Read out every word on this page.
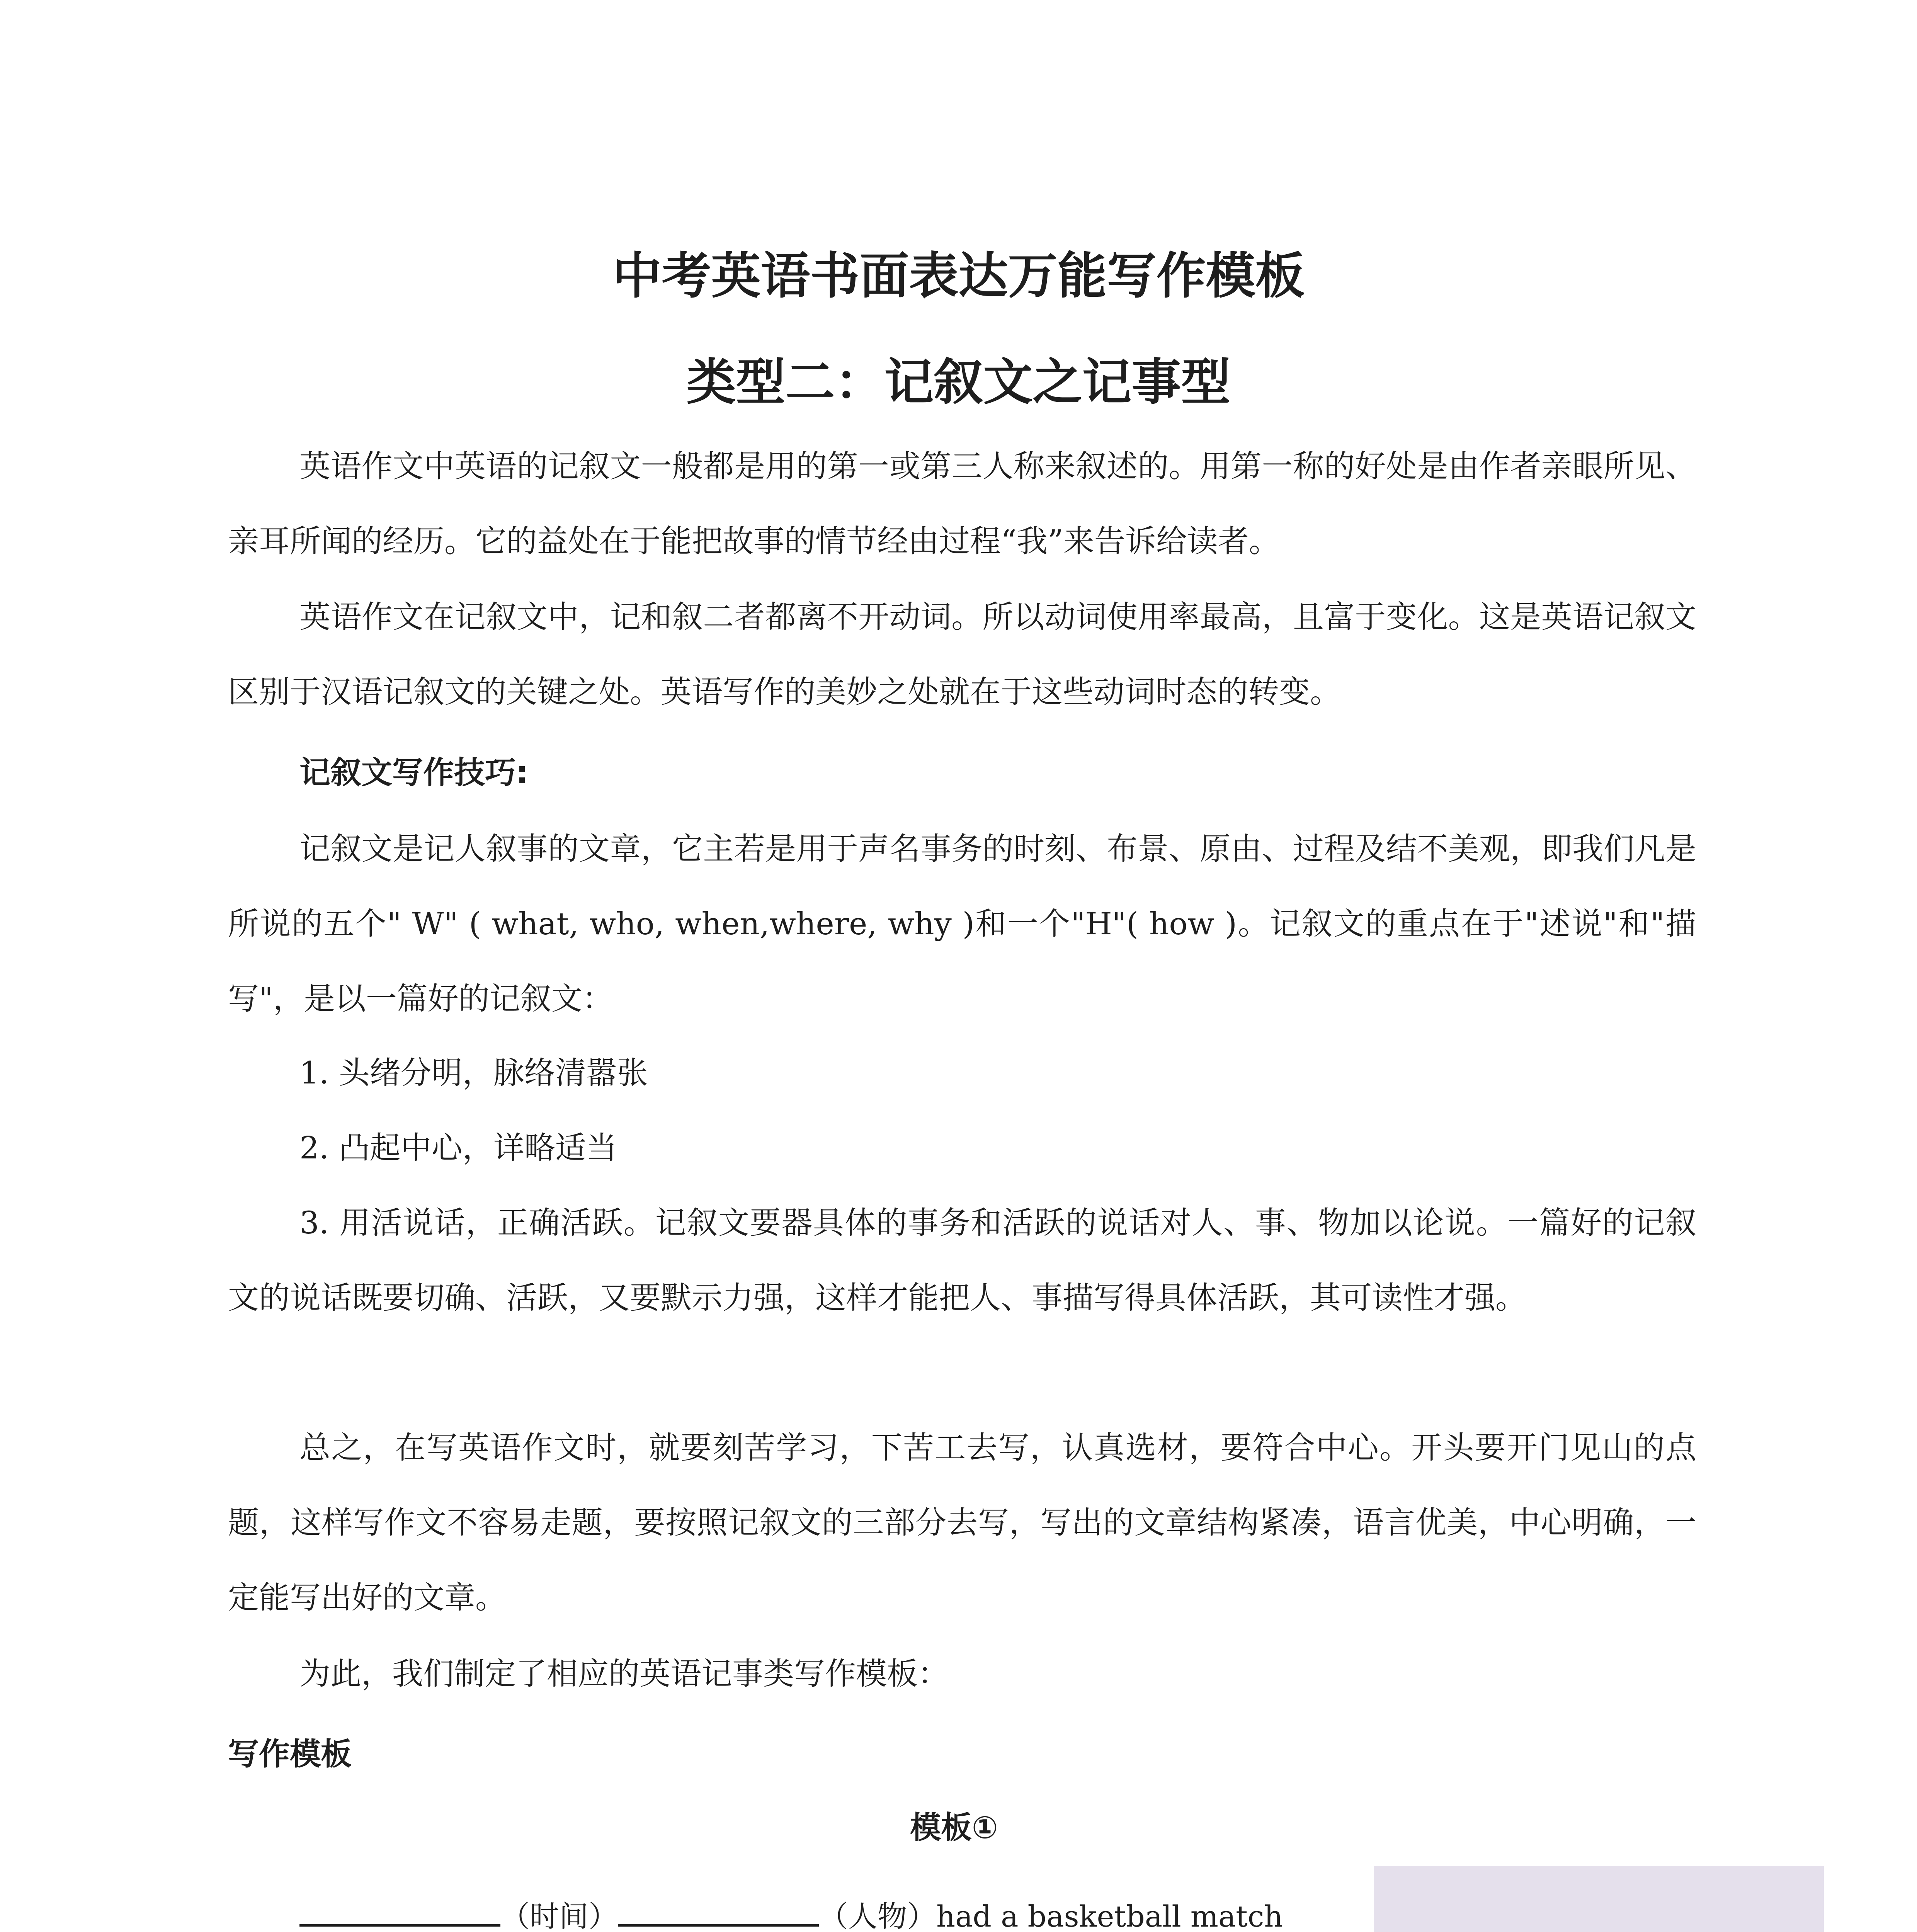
中考英语书面表达万能写作模板
类型二：记叙文之记事型

英语作文中英语的记叙文一般都是用的第一或第三人称来叙述的。用第一称的好处是由作者亲眼所见、亲耳所闻的经历。它的益处在于能把故事的情节经由过程“我”来告诉给读者。

英语作文在记叙文中，记和叙二者都离不开动词。所以动词使用率最高，且富于变化。这是英语记叙文区别于汉语记叙文的关键之处。英语写作的美妙之处就在于这些动词时态的转变。

记叙文写作技巧:

记叙文是记人叙事的文章，它主若是用于声名事务的时刻、布景、原由、过程及结不美观，即我们凡是所说的五个" W" ( what, who, when,where, why )和一个"H"( how )。记叙文的重点在于"述说"和"描写"，是以一篇好的记叙文：

1. 头绪分明，脉络清嚣张
2. 凸起中心，详略适当
3. 用活说话，正确活跃。记叙文要器具体的事务和活跃的说话对人、事、物加以论说。一篇好的记叙文的说话既要切确、活跃，又要默示力强，这样才能把人、事描写得具体活跃，其可读性才强。

总之，在写英语作文时，就要刻苦学习，下苦工去写，认真选材，要符合中心。开头要开门见山的点题，这样写作文不容易走题，要按照记叙文的三部分去写，写出的文章结构紧凑，语言优美，中心明确，一定能写出好的文章。

为此，我们制定了相应的英语记事类写作模板：

写作模板

模板①

（时间）	（人物）had a basketball match
